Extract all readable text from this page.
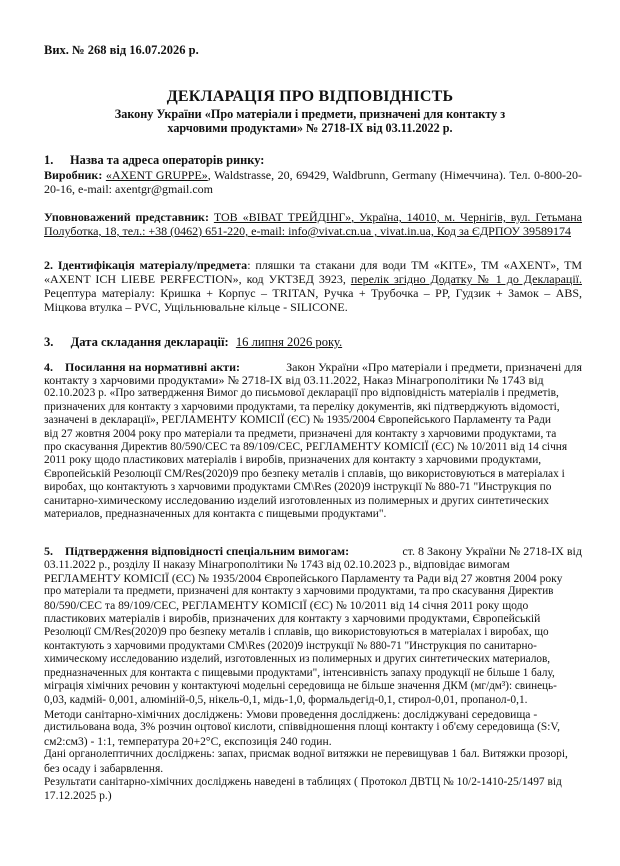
Вих. № 268 від 16.07.2026 р.
ДЕКЛАРАЦІЯ ПРО ВІДПОВІДНІСТЬ
Закону України «Про матеріали і предмети, призначені для контакту з
харчовими продуктами» № 2718-IX від 03.11.2022 р.
1. Назва та адреса операторів ринку:
Виробник: «AXENT GRUPPE», Waldstrasse, 20, 69429, Waldbrunn, Germany (Німеччина). Тел. 0-800-20-20-16, e-mail: axentgr@gmail.com
Уповноважений представник: ТОВ «ВІВАТ ТРЕЙДІНГ», Україна, 14010, м. Чернігів, вул. Гетьмана Полуботка, 18, тел.: +38 (0462) 651-220, e-mail: info@vivat.cn.ua , vivat.in.ua, Код за ЄДРПОУ 39589174
2. Ідентифікація матеріалу/предмета: пляшки та стакани для води ТМ «KITE», ТМ «AXENT», ТМ «AXENT ICH LIEBE PERFECTION», код УКТЗЕД 3923, перелік згідно Додатку № 1 до Декларації. Рецептура матеріалу: Кришка + Корпус – TRITAN, Ручка + Трубочка – PP, Гудзик + Замок – ABS, Міцкова втулка – PVC, Ущільнювальне кільце - SILICONE.
3. Дата складання декларації: 16 липня 2026 року.
4. Посилання на нормативні акти:	Закон України «Про матеріали і предмети, призначені для
контакту з харчовими продуктами» № 2718-IX від 03.11.2022, Наказ Мінагрополітики № 1743 від
02.10.2023 р. «Про затвердження Вимог до письмової декларації про відповідність матеріалів і предметів,
призначених для контакту з харчовими продуктами, та переліку документів, які підтверджують відомості,
зазначені в декларації», РЕГЛАМЕНТУ КОМІСІЇ (ЄС) № 1935/2004 Європейського Парламенту та Ради
від 27 жовтня 2004 року про матеріали та предмети, призначені для контакту з харчовими продуктами, та
про скасування Директив 80/590/CEC та 89/109/CEC, РЕГЛАМЕНТУ КОМІСІЇ (ЄС) № 10/2011 від 14 січня
2011 року щодо пластикових матеріалів і виробів, призначених для контакту з харчовими продуктами,
Європейській Резолюції CM/Res(2020)9 про безпеку металів і сплавів, що використовуються в матеріалах і
виробах, що контактують з харчовими продуктами CM\Res (2020)9 інструкції № 880-71 "Инструкция по
санитарно-химическому исследованию изделий изготовленных из полимерных и других синтетических
материалов, предназначенных для контакта с пищевыми продуктами".
5. Підтвердження відповідності спеціальним вимогам:	ст. 8 Закону України № 2718-IX від
03.11.2022 р., розділу II наказу Мінагрополітики № 1743 від 02.10.2023 р., відповідає вимогам
РЕГЛАМЕНТУ КОМІСІЇ (ЄС) № 1935/2004 Європейського Парламенту та Ради від 27 жовтня 2004 року
про матеріали та предмети, призначені для контакту з харчовими продуктами, та про скасування Директив
80/590/CEC та 89/109/CEC, РЕГЛАМЕНТУ КОМІСІЇ (ЄС) № 10/2011 від 14 січня 2011 року щодо
пластикових матеріалів і виробів, призначених для контакту з харчовими продуктами, Європейській
Резолюції CM/Res(2020)9 про безпеку металів і сплавів, що використовуються в матеріалах і виробах, що
контактують з харчовими продуктами CM\Res (2020)9 інструкції № 880-71 "Инструкция по санитарно-
химическому исследованию изделий, изготовленных из полимерных и других синтетических материалов,
предназначенных для контакта с пищевыми продуктами", інтенсивність запаху продукції не більше 1 балу,
міграція хімічних речовин у контактуючі модельні середовища не більше значення ДКМ (мг/дм³): свинець-
0,03, кадмій- 0,001, алюміній-0,5, нікель-0,1, мідь-1,0, формальдегід-0,1, стирол-0,01, пропанол-0,1.
Методи санітарно-хімічних досліджень: Умови проведення досліджень: досліджувані середовища -
дистильована вода, 3% розчин оцтової кислоти, співвідношення площі контакту і об'єму середовища (S:V,
см2:см3) - 1:1, температура 20+2°С, експозиція 240 годин.
Дані органолептичних досліджень: запах, присмак водної витяжки не перевищував 1 бал. Витяжки прозорі,
без осаду і забарвлення.
Результати санітарно-хімічних досліджень наведені в таблицях ( Протокол ДВТЦ № 10/2-1410-25/1497 від
17.12.2025 р.)
